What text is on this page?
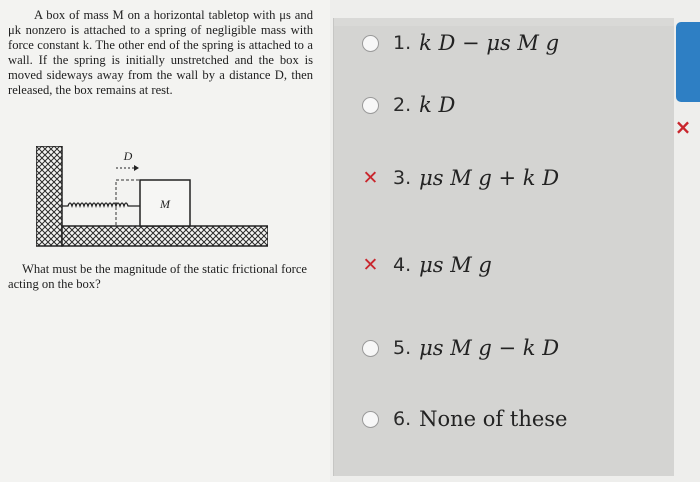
A box of mass M on a horizontal tabletop with μs and μk nonzero is attached to a spring of negligible mass with force constant k. The other end of the spring is attached to a wall. If the spring is initially unstretched and the box is moved sideways away from the wall by a distance D, then released, the box remains at rest.
M
D
What must be the magnitude of the static frictional force acting on the box?
1. k D − μs M g
2. k D
✕ 3. μs M g + k D
✕ 4. μs M g
5. μs M g − k D
6. None of these
×
